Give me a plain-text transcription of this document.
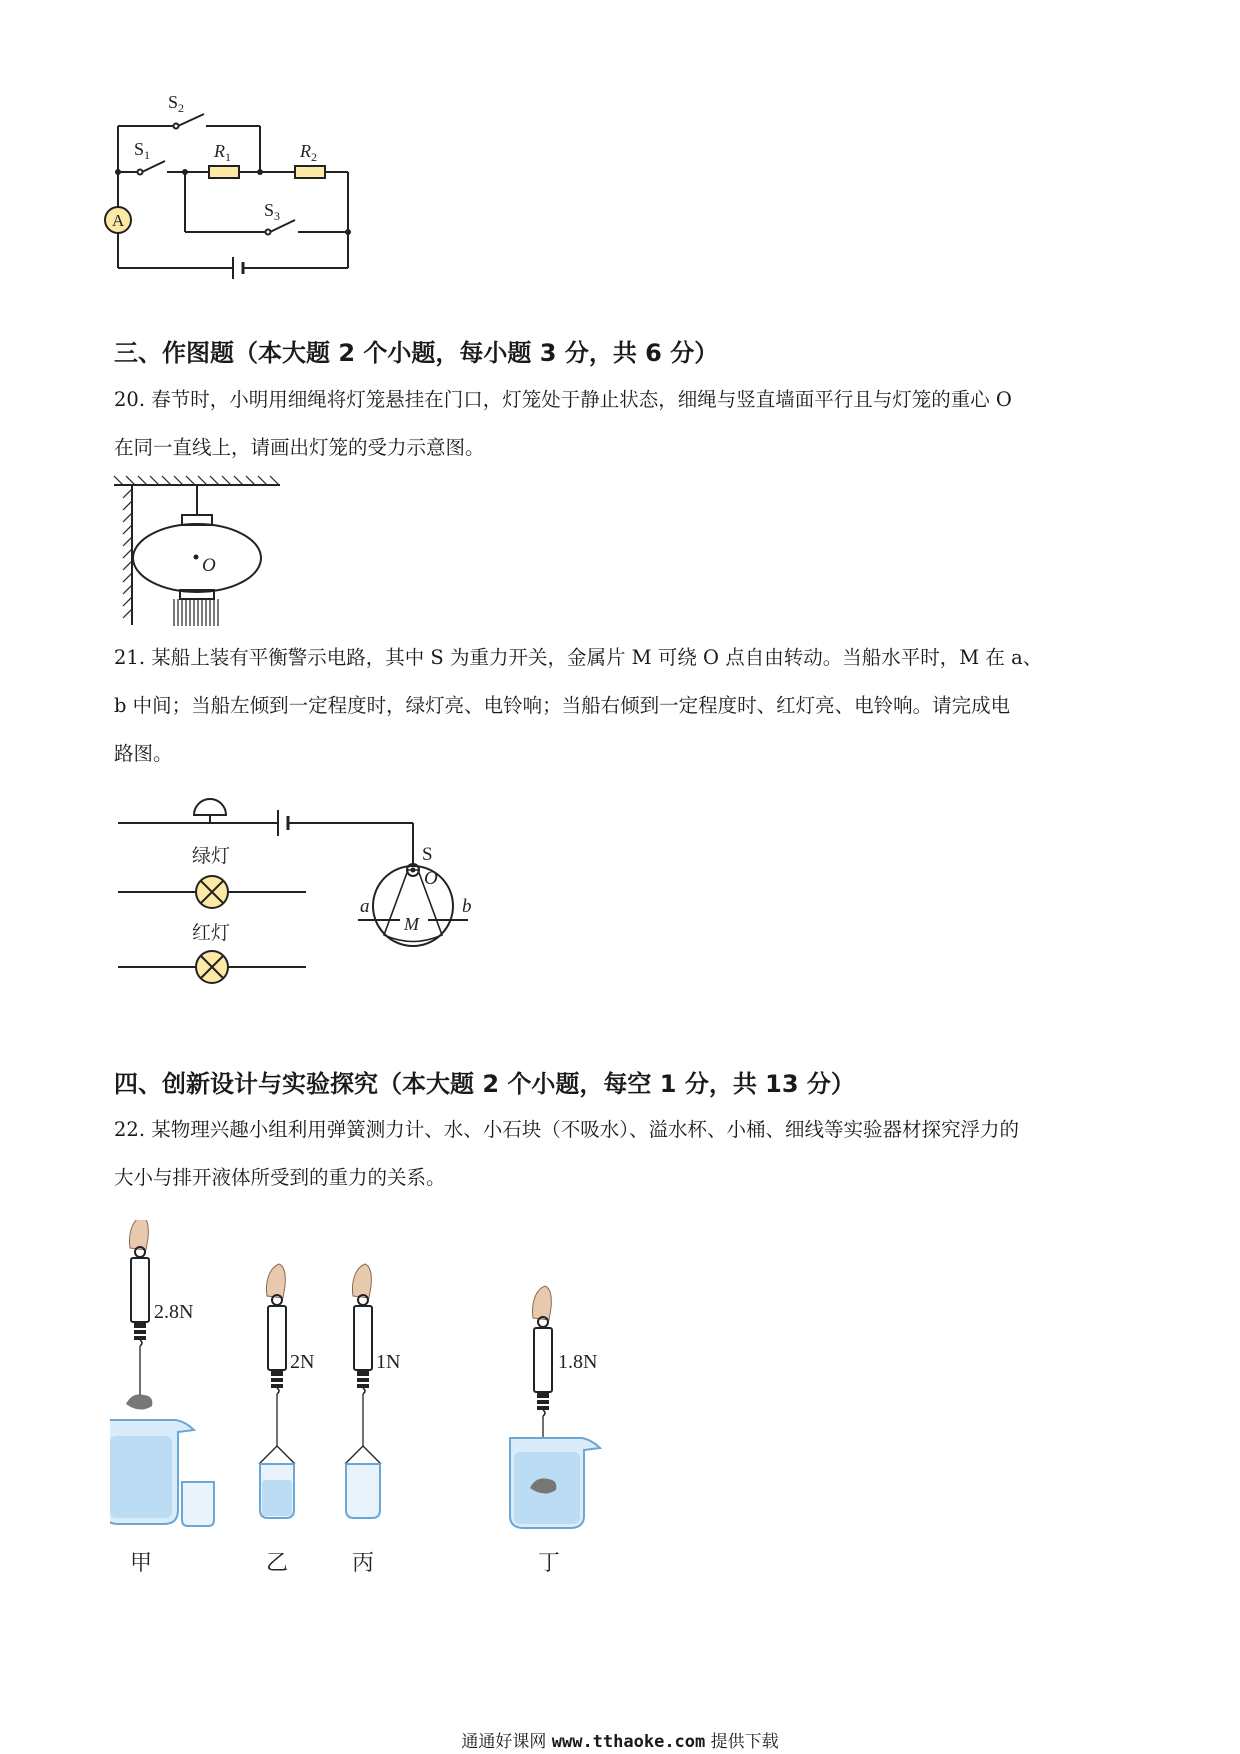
$S_2$
$S_1$	$R_1$	$R_2$
$S_3$
A
三、作图题（本大题 2 个小题，每小题 3 分，共 6 分）
20. 春节时，小明用细绳将灯笼悬挂在门口，灯笼处于静止状态，细绳与竖直墙面平行且与灯笼的重心 O
在同一直线上，请画出灯笼的受力示意图。
O
21. 某船上装有平衡警示电路，其中 S 为重力开关，金属片 M 可绕 O 点自由转动。当船水平时，M 在 a、
b 中间；当船左倾到一定程度时，绿灯亮、电铃响；当船右倾到一定程度时、红灯亮、电铃响。请完成电
路图。
绿灯
红灯
S
O
M
a	b
四、创新设计与实验探究（本大题 2 个小题，每空 1 分，共 13 分）
22. 某物理兴趣小组利用弹簧测力计、水、小石块（不吸水）、溢水杯、小桶、细线等实验器材探究浮力的
大小与排开液体所受到的重力的关系。
2.8N
甲
2N
乙
1N
丙
1.8N
丁
通通好课网 www.tthaoke.com 提供下载
